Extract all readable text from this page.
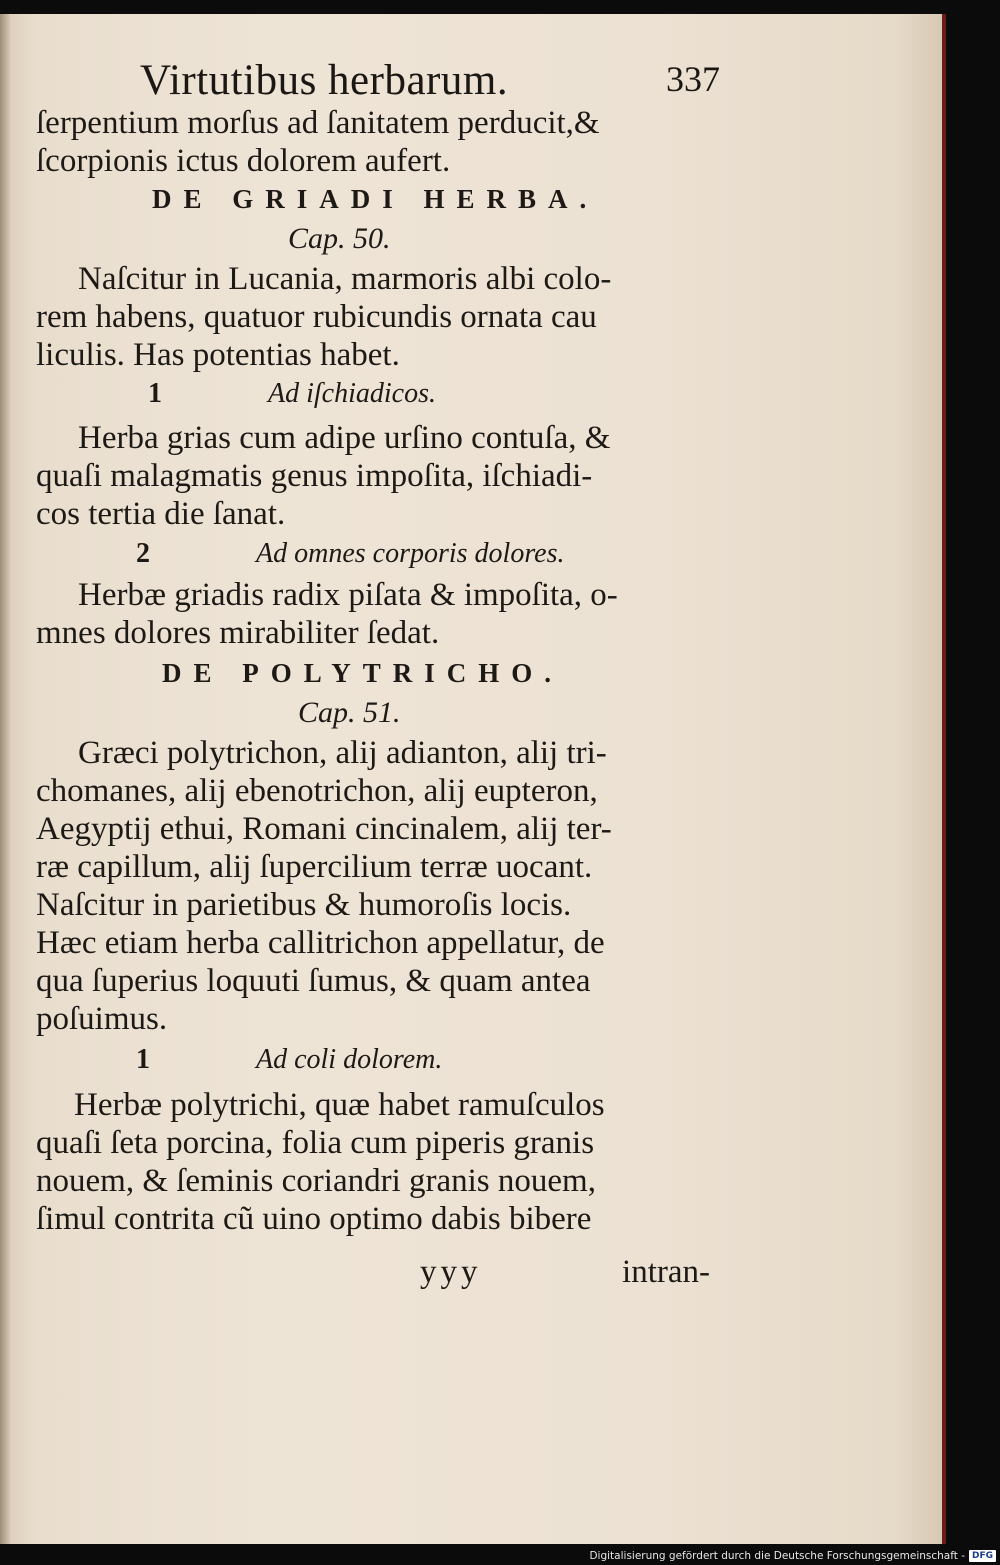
Virtutibus herbarum.	337
ſerpentium morſus ad ſanitatem perducit,&
ſcorpionis ictus dolorem aufert.
DE GRIADI HERBA.
Cap. 50.
Naſcitur in Lucania, marmoris albi colo-
rem habens, quatuor rubicundis ornata cau
liculis. Has potentias habet.
1	Ad iſchiadicos.
Herba grias cum adipe urſino contuſa, &
quaſi malagmatis genus impoſita, iſchiadi-
cos tertia die ſanat.
2	Ad omnes corporis dolores.
Herbæ griadis radix piſata & impoſita, o-
mnes dolores mirabiliter ſedat.
DE POLYTRICHO.
Cap. 51.
Græci polytrichon, alij adianton, alij tri-
chomanes, alij ebenotrichon, alij eupteron,
Aegyptij ethui, Romani cincinalem, alij ter-
ræ capillum, alij ſupercilium terræ uocant.
Naſcitur in parietibus & humoroſis locis.
Hæc etiam herba callitrichon appellatur, de
qua ſuperius loquuti ſumus, & quam antea
poſuimus.
1	Ad coli dolorem.
Herbæ polytrichi, quæ habet ramuſculos
quaſi ſeta porcina, folia cum piperis granis
nouem, & ſeminis coriandri granis nouem,
ſimul contrita cũ uino optimo dabis bibere
yyy	intran-
Digitalisierung gefördert durch die Deutsche Forschungsgemeinschaft - DFG
